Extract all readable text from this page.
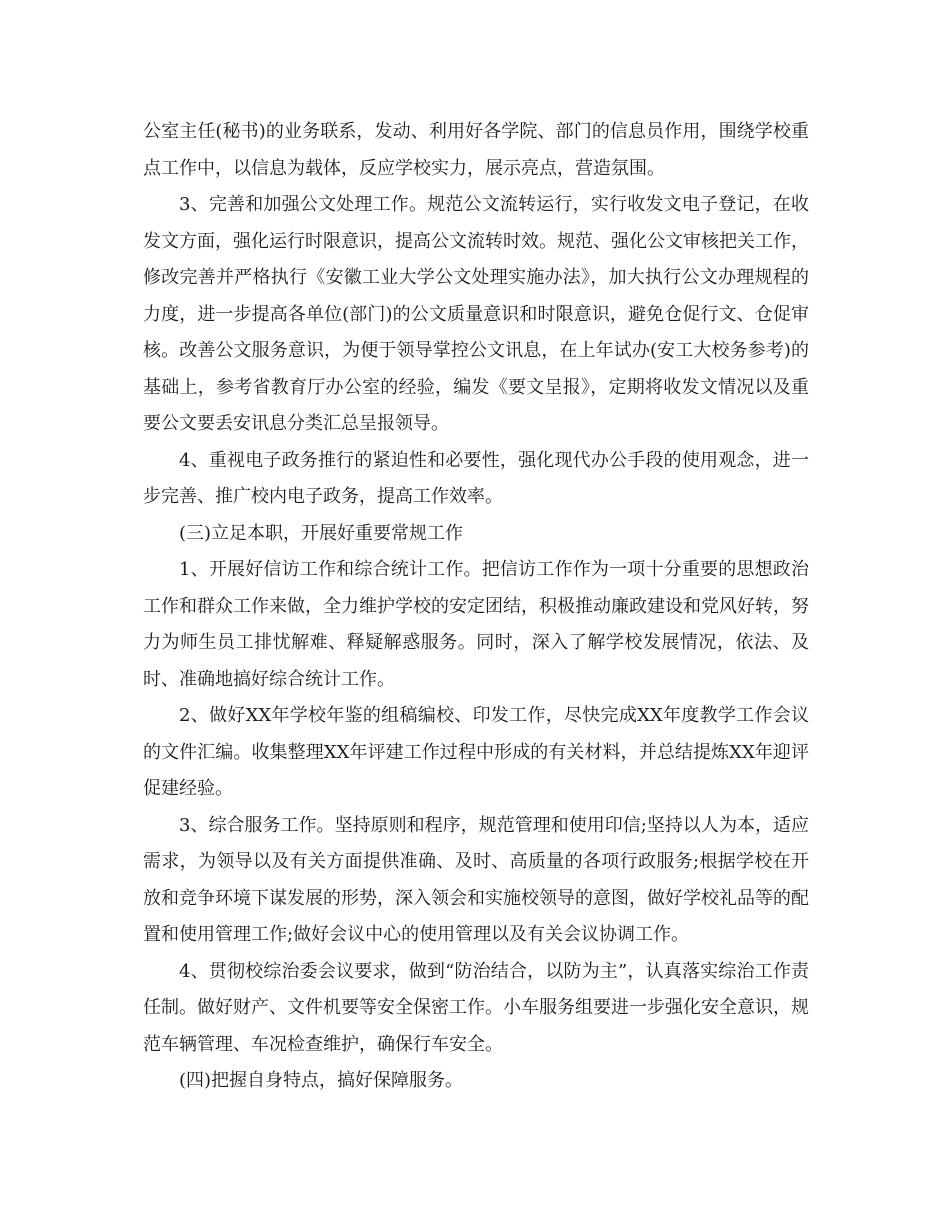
公室主任(秘书)的业务联系，发动、利用好各学院、部门的信息员作用，围绕学校重点工作中，以信息为载体，反应学校实力，展示亮点，营造氛围。

3、完善和加强公文处理工作。规范公文流转运行，实行收发文电子登记，在收发文方面，强化运行时限意识，提高公文流转时效。规范、强化公文审核把关工作，修改完善并严格执行《安徽工业大学公文处理实施办法》，加大执行公文办理规程的力度，进一步提高各单位(部门)的公文质量意识和时限意识，避免仓促行文、仓促审核。改善公文服务意识，为便于领导掌控公文讯息，在上年试办(安工大校务参考)的基础上，参考省教育厅办公室的经验，编发《要文呈报》，定期将收发文情况以及重要公文要丢安讯息分类汇总呈报领导。

4、重视电子政务推行的紧迫性和必要性，强化现代办公手段的使用观念，进一步完善、推广校内电子政务，提高工作效率。

(三)立足本职，开展好重要常规工作

1、开展好信访工作和综合统计工作。把信访工作作为一项十分重要的思想政治工作和群众工作来做，全力维护学校的安定团结，积极推动廉政建设和党风好转，努力为师生员工排忧解难、释疑解惑服务。同时，深入了解学校发展情况，依法、及时、准确地搞好综合统计工作。

2、做好XX年学校年鉴的组稿编校、印发工作，尽快完成XX年度教学工作会议的文件汇编。收集整理XX年评建工作过程中形成的有关材料，并总结提炼XX年迎评促建经验。

3、综合服务工作。坚持原则和程序，规范管理和使用印信;坚持以人为本，适应需求，为领导以及有关方面提供准确、及时、高质量的各项行政服务;根据学校在开放和竞争环境下谋发展的形势，深入领会和实施校领导的意图，做好学校礼品等的配置和使用管理工作;做好会议中心的使用管理以及有关会议协调工作。

4、贯彻校综治委会议要求，做到“防治结合，以防为主”，认真落实综治工作责任制。做好财产、文件机要等安全保密工作。小车服务组要进一步强化安全意识，规范车辆管理、车况检查维护，确保行车安全。

(四)把握自身特点，搞好保障服务。
